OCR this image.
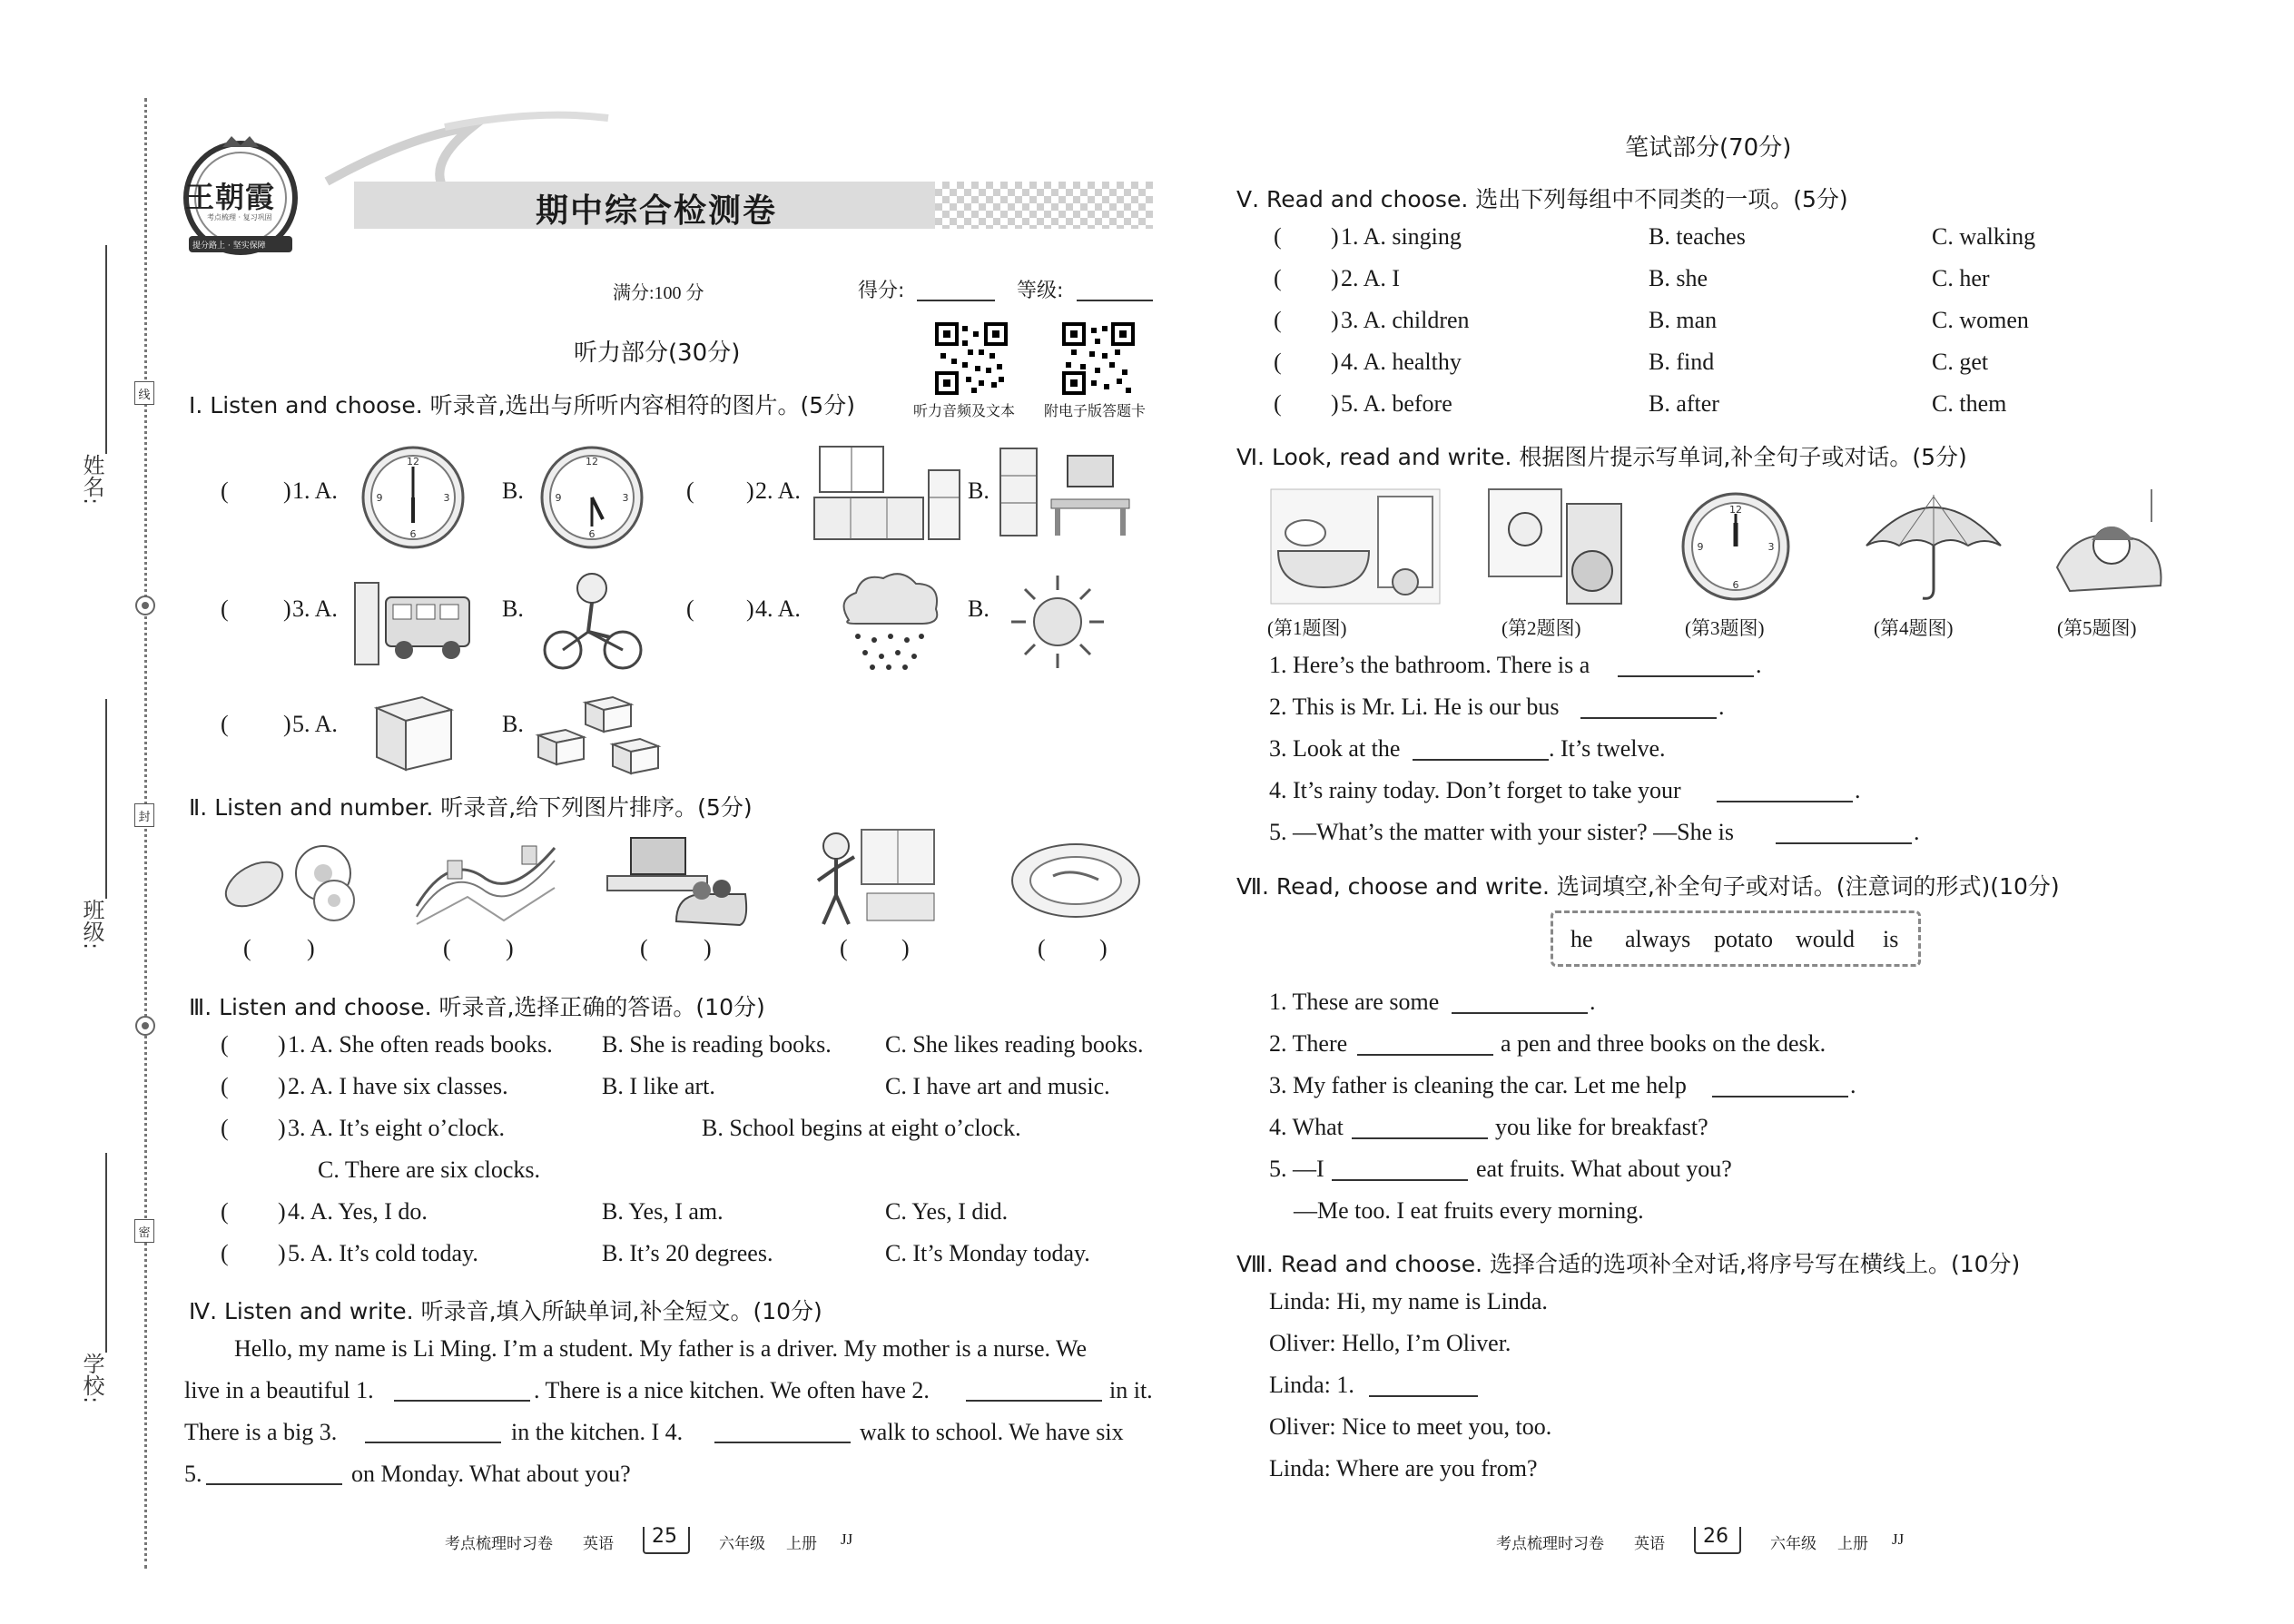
姓名:
班级:
学校:
线
封
密
王朝霞
考点梳理 · 复习巩固
提分路上 · 坚实保障
期中综合检测卷
满分:100 分	得分:	等级:
听力音频及文本 附电子版答题卡
听力部分(30分)
Ⅰ. Listen and choose. 听录音,选出与所听内容相符的图片。(5分)
( ) 1. A.
12
3
6
9	B.
12
3
6
9	( ) 2. A.	B.
( ) 3. A.	B.	( ) 4. A.	B.
( ) 5. A.	B.
Ⅱ. Listen and number. 听录音,给下列图片排序。(5分)
( )	( )	( )	( )	( )
Ⅲ. Listen and choose. 听录音,选择正确的答语。(10分)
( ) 1. A. She often reads books. B. She is reading books. C. She likes reading books.
( ) 2. A. I have six classes.	B. I like art.	C. I have art and music.
( ) 3. A. It’s eight o’clock.	B. School begins at eight o’clock.
C. There are six clocks.
( ) 4. A. Yes, I do.	B. Yes, I am.	C. Yes, I did.
( ) 5. A. It’s cold today.	B. It’s 20 degrees.	C. It’s Monday today.
Ⅳ. Listen and write. 听录音,填入所缺单词,补全短文。(10分)
Hello, my name is Li Ming. I’m a student. My father is a driver. My mother is a nurse. We
live in a beautiful 1.	. There is a nice kitchen. We often have 2.	in it.
There is a big 3.	in the kitchen. I 4.	walk to school. We have six
5.	on Monday. What about you?
考点梳理时习卷 英语 25	六年级 上册 JJ
笔试部分(70分)
Ⅴ. Read and choose. 选出下列每组中不同类的一项。(5分)
( ) 1. A. singing	B. teaches	C. walking
( ) 2. A. I	B. she	C. her
( ) 3. A. children	B. man	C. women
( ) 4. A. healthy	B. find	C. get
( ) 5. A. before	B. after	C. them
Ⅵ. Look, read and write. 根据图片提示写单词,补全句子或对话。(5分)
(第1题图)	(第2题图)
12
3
6
9
(第3题图)	(第4题图)	(第5题图)
1. Here’s the bathroom. There is a	.
2. This is Mr. Li. He is our bus	.
3. Look at the	. It’s twelve.
4. It’s rainy today. Don’t forget to take your	.
5. —What’s the matter with your sister? —She is	.
Ⅶ. Read, choose and write. 选词填空,补全句子或对话。(注意词的形式)(10分)
he always potato would is
1. These are some	.
2. There	a pen and three books on the desk.
3. My father is cleaning the car. Let me help	.
4. What	you like for breakfast?
5. —I	eat fruits. What about you?
—Me too. I eat fruits every morning.
Ⅷ. Read and choose. 选择合适的选项补全对话,将序号写在横线上。(10分)
Linda: Hi, my name is Linda.
Oliver: Hello, I’m Oliver.
Linda: 1.
Oliver: Nice to meet you, too.
Linda: Where are you from?
考点梳理时习卷 英语 26	六年级 上册 JJ
